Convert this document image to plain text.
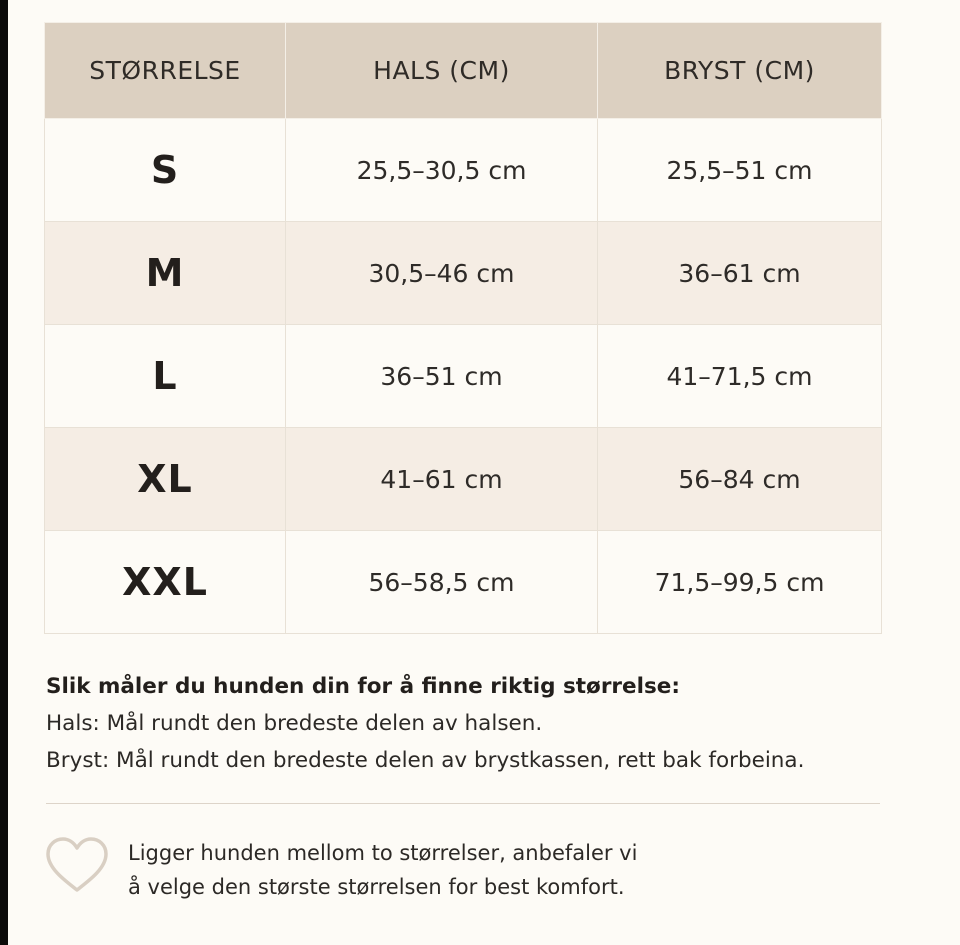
STØRRELSE	HALS (CM)	BRYST (CM)
S	25,5–30,5 cm	25,5–51 cm
M	30,5–46 cm	36–61 cm
L	36–51 cm	41–71,5 cm
XL	41–61 cm	56–84 cm
XXL	56–58,5 cm	71,5–99,5 cm
Slik måler du hunden din for å finne riktig størrelse:
Hals: Mål rundt den bredeste delen av halsen.
Bryst: Mål rundt den bredeste delen av brystkassen, rett bak forbeina.
Ligger hunden mellom to størrelser, anbefaler vi
å velge den største størrelsen for best komfort.
